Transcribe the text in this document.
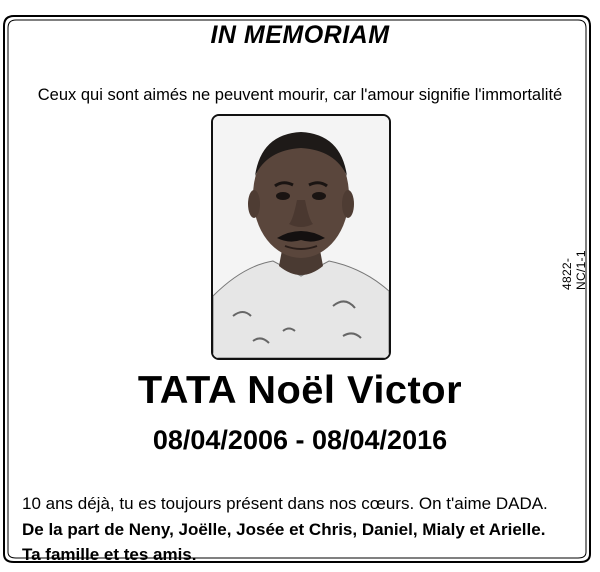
IN MEMORIAM
Ceux qui sont aimés ne peuvent mourir, car l'amour signifie l'immortalité
4822-NC/1-1
TATA Noël Victor
08/04/2006 - 08/04/2016
10 ans déjà, tu es toujours présent dans nos cœurs. On t'aime DADA.
De la part de Neny, Joëlle, Josée et Chris, Daniel, Mialy et Arielle.
Ta famille et tes amis.
